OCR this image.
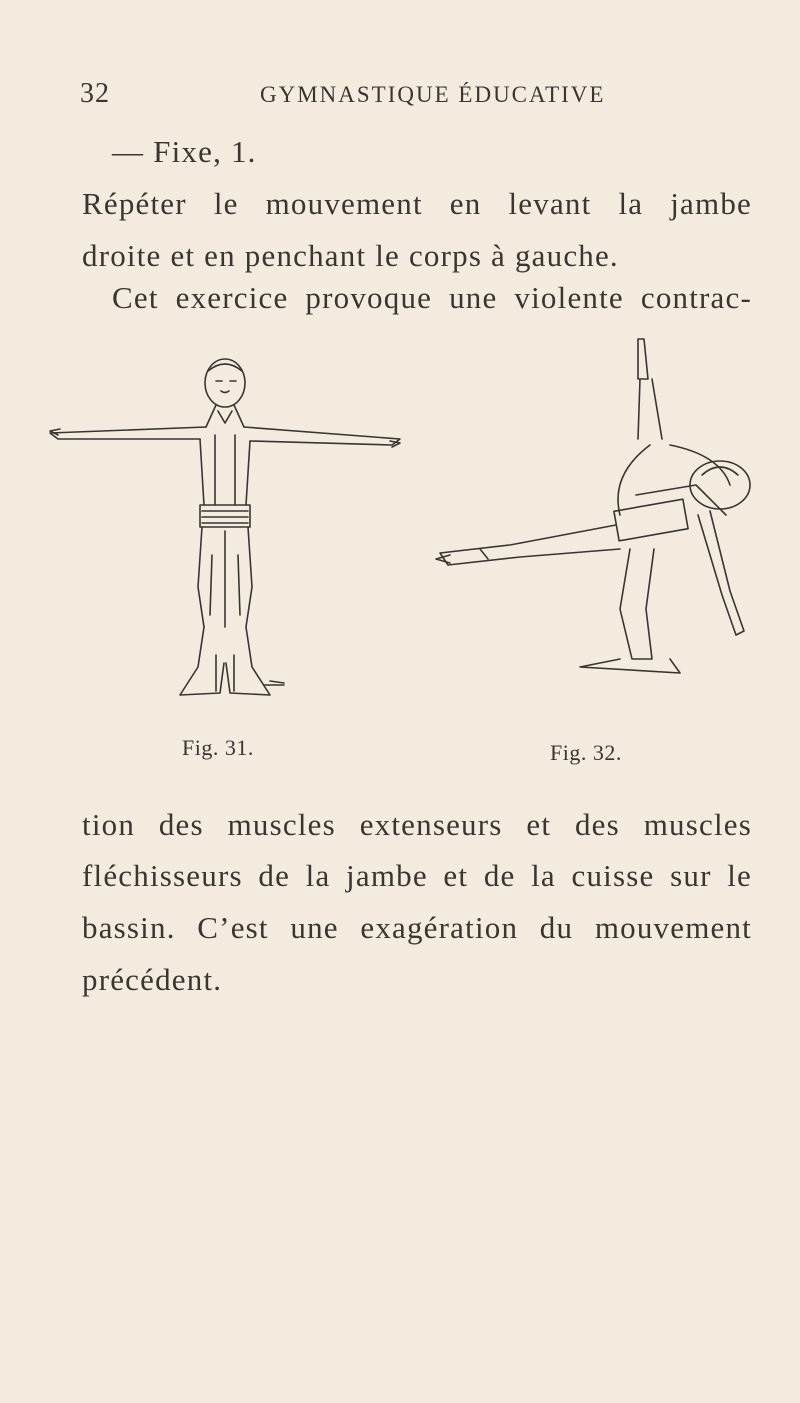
32	GYMNASTIQUE ÉDUCATIVE
— Fixe, 1.
Répéter le mouvement en levant la jambe
droite et en penchant le corps à gauche.
Cet exercice provoque une violente contrac-
Fig. 31.	Fig. 32.
tion des muscles extenseurs et des muscles
fléchisseurs de la jambe et de la cuisse sur le
bassin. C’est une exagération du mouvement
précédent.
